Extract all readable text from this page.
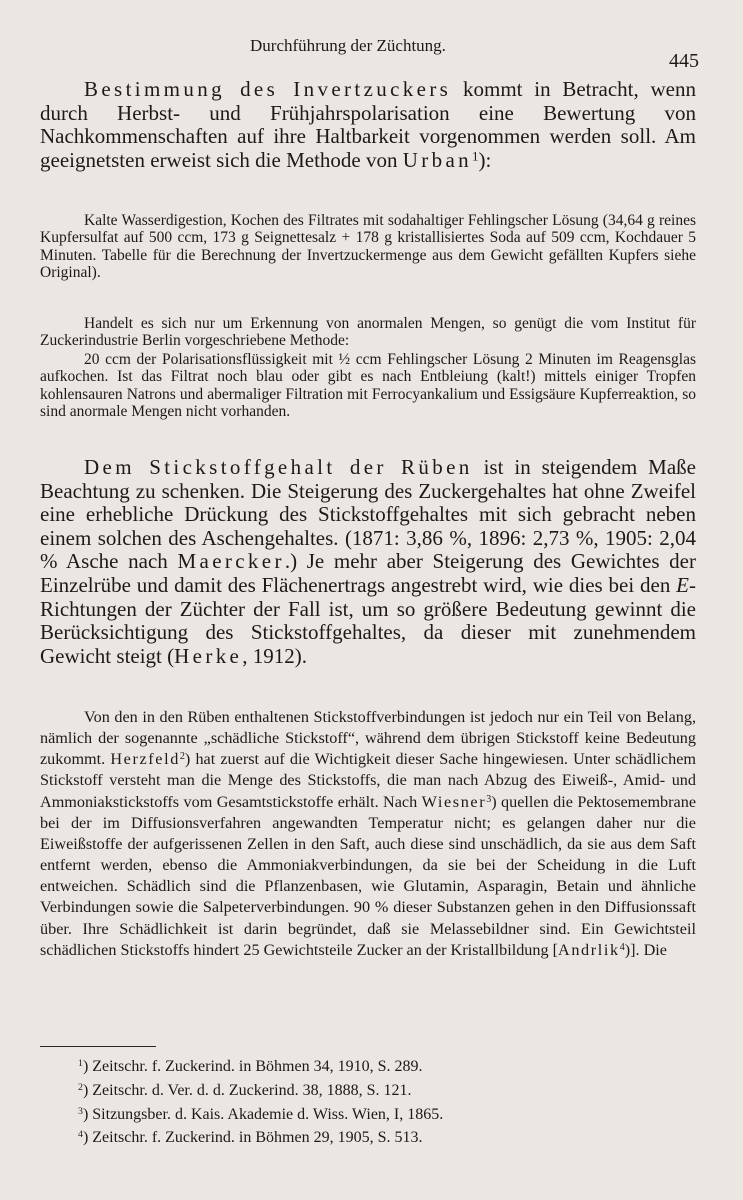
Durchführung der Züchtung.
445

Bestimmung des Invertzuckers kommt in Betracht, wenn durch Herbst- und Frühjahrspolarisation eine Bewertung von Nachkommenschaften auf ihre Haltbarkeit vorgenommen werden soll. Am geeignetsten erweist sich die Methode von Urban$^1$):

Kalte Wasserdigestion, Kochen des Filtrates mit sodahaltiger Fehlingscher Lösung (34,64 g reines Kupfersulfat auf 500 ccm, 173 g Seignettesalz + 178 g kristallisiertes Soda auf 509 ccm, Kochdauer 5 Minuten. Tabelle für die Berechnung der Invertzuckermenge aus dem Gewicht gefällten Kupfers siehe Original).

Handelt es sich nur um Erkennung von anormalen Mengen, so genügt die vom Institut für Zuckerindustrie Berlin vorgeschriebene Methode:

20 ccm der Polarisationsflüssigkeit mit ½ ccm Fehlingscher Lösung 2 Minuten im Reagensglas aufkochen. Ist das Filtrat noch blau oder gibt es nach Entbleiung (kalt!) mittels einiger Tropfen kohlensauren Natrons und abermaliger Filtration mit Ferrocyankalium und Essigsäure Kupferreaktion, so sind anormale Mengen nicht vorhanden.

Dem Stickstoffgehalt der Rüben ist in steigendem Maße Beachtung zu schenken. Die Steigerung des Zuckergehaltes hat ohne Zweifel eine erhebliche Drückung des Stickstoffgehaltes mit sich gebracht neben einem solchen des Aschengehaltes. (1871: 3,86 %, 1896: 2,73 %, 1905: 2,04 % Asche nach Maercker.) Je mehr aber Steigerung des Gewichtes der Einzelrübe und damit des Flächenertrags angestrebt wird, wie dies bei den E-Richtungen der Züchter der Fall ist, um so größere Bedeutung gewinnt die Berücksichtigung des Stickstoffgehaltes, da dieser mit zunehmendem Gewicht steigt (Herke, 1912).

Von den in den Rüben enthaltenen Stickstoffverbindungen ist jedoch nur ein Teil von Belang, nämlich der sogenannte „schädliche Stickstoff“, während dem übrigen Stickstoff keine Bedeutung zukommt. Herzfeld$^2$) hat zuerst auf die Wichtigkeit dieser Sache hingewiesen. Unter schädlichem Stickstoff versteht man die Menge des Stickstoffs, die man nach Abzug des Eiweiß-, Amid- und Ammoniakstickstoffs vom Gesamtstickstoffe erhält. Nach Wiesner$^3$) quellen die Pektosemembrane bei der im Diffusionsverfahren angewandten Temperatur nicht; es gelangen daher nur die Eiweißstoffe der aufgerissenen Zellen in den Saft, auch diese sind unschädlich, da sie aus dem Saft entfernt werden, ebenso die Ammoniakverbindungen, da sie bei der Scheidung in die Luft entweichen. Schädlich sind die Pflanzenbasen, wie Glutamin, Asparagin, Betain und ähnliche Verbindungen sowie die Salpeterverbindungen. 90 % dieser Substanzen gehen in den Diffusionssaft über. Ihre Schädlichkeit ist darin begründet, daß sie Melassebildner sind. Ein Gewichtsteil schädlichen Stickstoffs hindert 25 Gewichtsteile Zucker an der Kristallbildung [Andrlik$^4$)]. Die

$^1$) Zeitschr. f. Zuckerind. in Böhmen 34, 1910, S. 289.
$^2$) Zeitschr. d. Ver. d. d. Zuckerind. 38, 1888, S. 121.
$^3$) Sitzungsber. d. Kais. Akademie d. Wiss. Wien, I, 1865.
$^4$) Zeitschr. f. Zuckerind. in Böhmen 29, 1905, S. 513.
